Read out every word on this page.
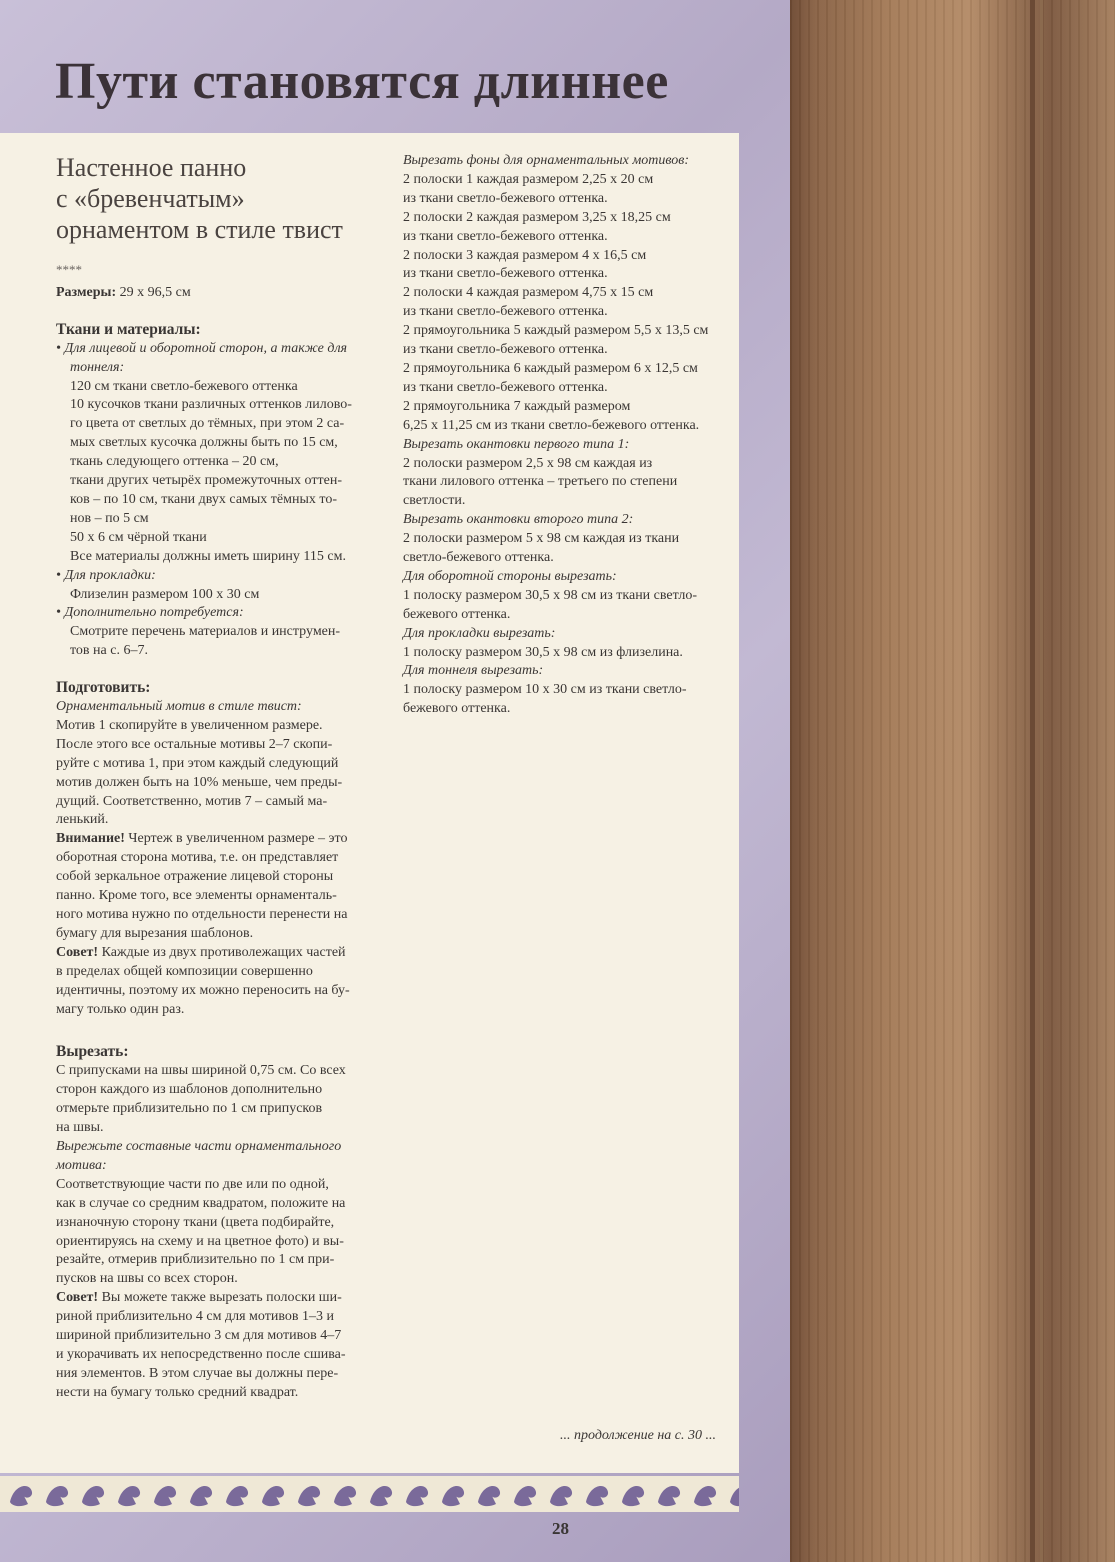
Пути становятся длиннее
Настенное панно
с «бревенчатым»
орнаментом в стиле твист
****
Размеры: 29 x 96,5 см
Ткани и материалы:
• Для лицевой и оборотной сторон, а также для
тоннеля:
120 см ткани светло-бежевого оттенка
10 кусочков ткани различных оттенков лилово-
го цвета от светлых до тёмных, при этом 2 са-
мых светлых кусочка должны быть по 15 см,
ткань следующего оттенка – 20 см,
ткани других четырёх промежуточных оттен-
ков – по 10 см, ткани двух самых тёмных то-
нов – по 5 см
50 х 6 см чёрной ткани
Все материалы должны иметь ширину 115 см.
• Для прокладки:
Флизелин размером 100 х 30 см
• Дополнительно потребуется:
Смотрите перечень материалов и инструмен-
тов на с. 6–7.
Подготовить:
Орнаментальный мотив в стиле твист:
Мотив 1 скопируйте в увеличенном размере.
После этого все остальные мотивы 2–7 скопи-
руйте с мотива 1, при этом каждый следующий
мотив должен быть на 10% меньше, чем преды-
дущий. Соответственно, мотив 7 – самый ма-
ленький.
Внимание! Чертеж в увеличенном размере – это
оборотная сторона мотива, т.е. он представляет
собой зеркальное отражение лицевой стороны
панно. Кроме того, все элементы орнаменталь-
ного мотива нужно по отдельности перенести на
бумагу для вырезания шаблонов.
Совет! Каждые из двух противолежащих частей
в пределах общей композиции совершенно
идентичны, поэтому их можно переносить на бу-
магу только один раз.
Вырезать:
С припусками на швы шириной 0,75 см. Со всех
сторон каждого из шаблонов дополнительно
отмерьте приблизительно по 1 см припусков
на швы.
Вырежьте составные части орнаментального
мотива:
Соответствующие части по две или по одной,
как в случае со средним квадратом, положите на
изнаночную сторону ткани (цвета подбирайте,
ориентируясь на схему и на цветное фото) и вы-
резайте, отмерив приблизительно по 1 см при-
пусков на швы со всех сторон.
Совет! Вы можете также вырезать полоски ши-
риной приблизительно 4 см для мотивов 1–3 и
шириной приблизительно 3 см для мотивов 4–7
и укорачивать их непосредственно после сшива-
ния элементов. В этом случае вы должны пере-
нести на бумагу только средний квадрат.
Вырезать фоны для орнаментальных мотивов:
2 полоски 1 каждая размером 2,25 х 20 см
из ткани светло-бежевого оттенка.
2 полоски 2 каждая размером 3,25 х 18,25 см
из ткани светло-бежевого оттенка.
2 полоски 3 каждая размером 4 х 16,5 см
из ткани светло-бежевого оттенка.
2 полоски 4 каждая размером 4,75 х 15 см
из ткани светло-бежевого оттенка.
2 прямоугольника 5 каждый размером 5,5 х 13,5 см
из ткани светло-бежевого оттенка.
2 прямоугольника 6 каждый размером 6 х 12,5 см
из ткани светло-бежевого оттенка.
2 прямоугольника 7 каждый размером
6,25 х 11,25 см из ткани светло-бежевого оттенка.
Вырезать окантовки первого типа 1:
2 полоски размером 2,5 х 98 см каждая из
ткани лилового оттенка – третьего по степени
светлости.
Вырезать окантовки второго типа 2:
2 полоски размером 5 х 98 см каждая из ткани
светло-бежевого оттенка.
Для оборотной стороны вырезать:
1 полоску размером 30,5 х 98 см из ткани светло-
бежевого оттенка.
Для прокладки вырезать:
1 полоску размером 30,5 х 98 см из флизелина.
Для тоннеля вырезать:
1 полоску размером 10 х 30 см из ткани светло-
бежевого оттенка.
... продолжение на с. 30 ...
28
